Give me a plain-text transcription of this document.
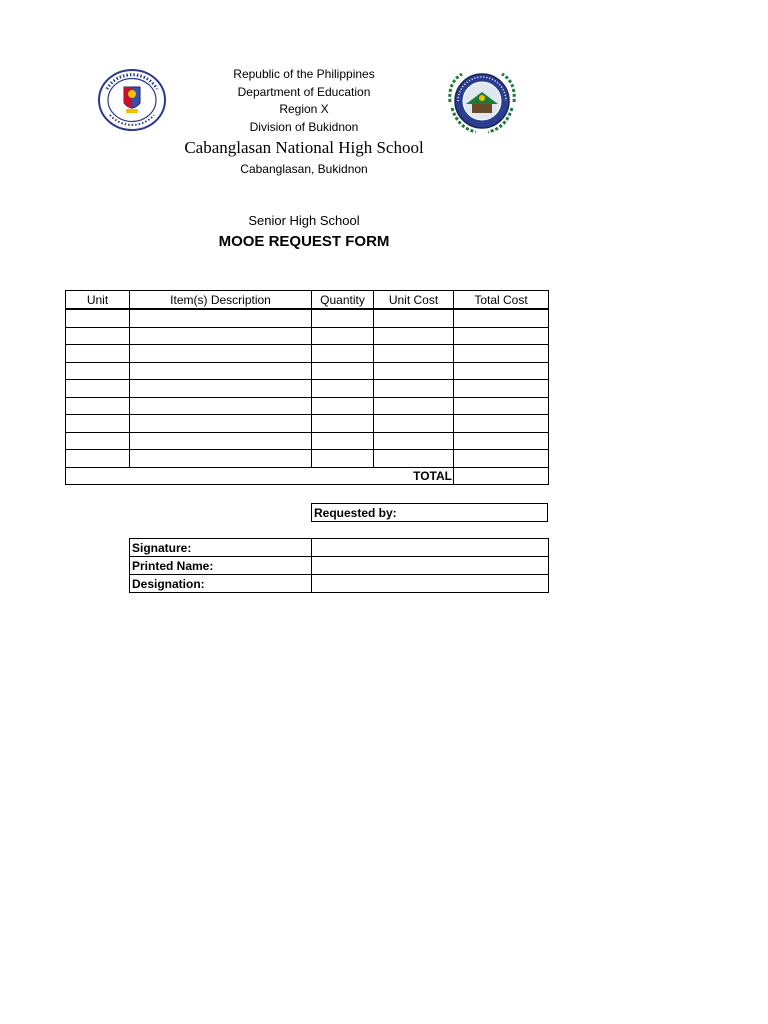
Republic of the Philippines
Department of Education
Region X
Division of Bukidnon
Cabanglasan National High School
Cabanglasan, Bukidnon
Senior High School
MOOE REQUEST FORM
Unit	Item(s) Description	Quantity	Unit Cost	Total Cost

TOTAL				
Requested by:
Signature:	
Printed Name:	
Designation:	
